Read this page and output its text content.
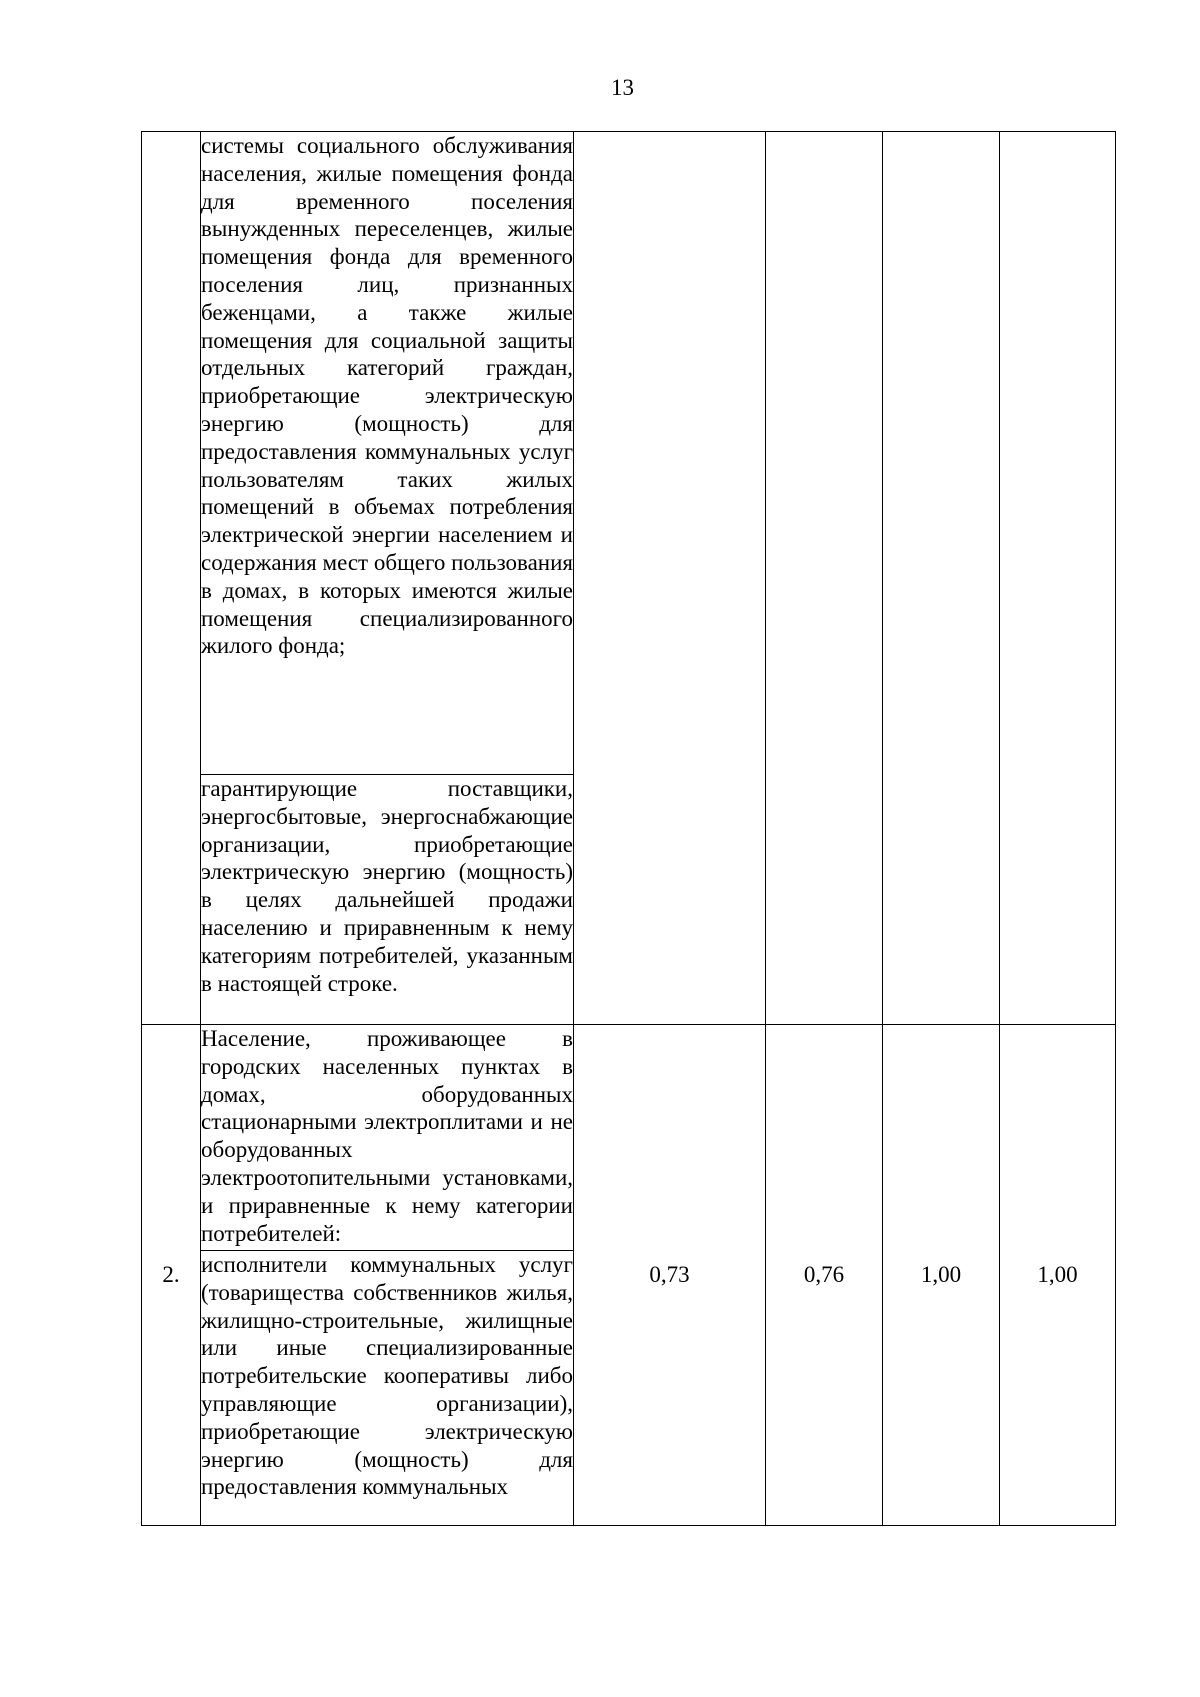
13

	системы социального обслуживания населения, жилые помещения фонда для временного поселения вынужденных переселенцев, жилые помещения фонда для временного поселения лиц, признанных беженцами, а также жилые помещения для социальной защиты отдельных категорий граждан, приобретающие электрическую энергию (мощность) для предоставления коммунальных услуг пользователям таких жилых помещений в объемах потребления электрической энергии населением и содержания мест общего пользования в домах, в которых имеются жилые помещения специализированного жилого фонда;				

	гарантирующие поставщики, энергосбытовые, энергоснабжающие организации, приобретающие электрическую энергию (мощность) в целях дальнейшей продажи населению и приравненным к нему категориям потребителей, указанным в настоящей строке.				

2.	Население, проживающее в городских населенных пунктах в домах, оборудованных стационарными электроплитами и не оборудованных электроотопительными установками, и приравненные к нему категории потребителей:	0,73	0,76	1,00	1,00

	исполнители коммунальных услуг (товарищества собственников жилья, жилищно-строительные, жилищные или иные специализированные потребительские кооперативы либо управляющие организации), приобретающие электрическую энергию (мощность) для предоставления коммунальных				
